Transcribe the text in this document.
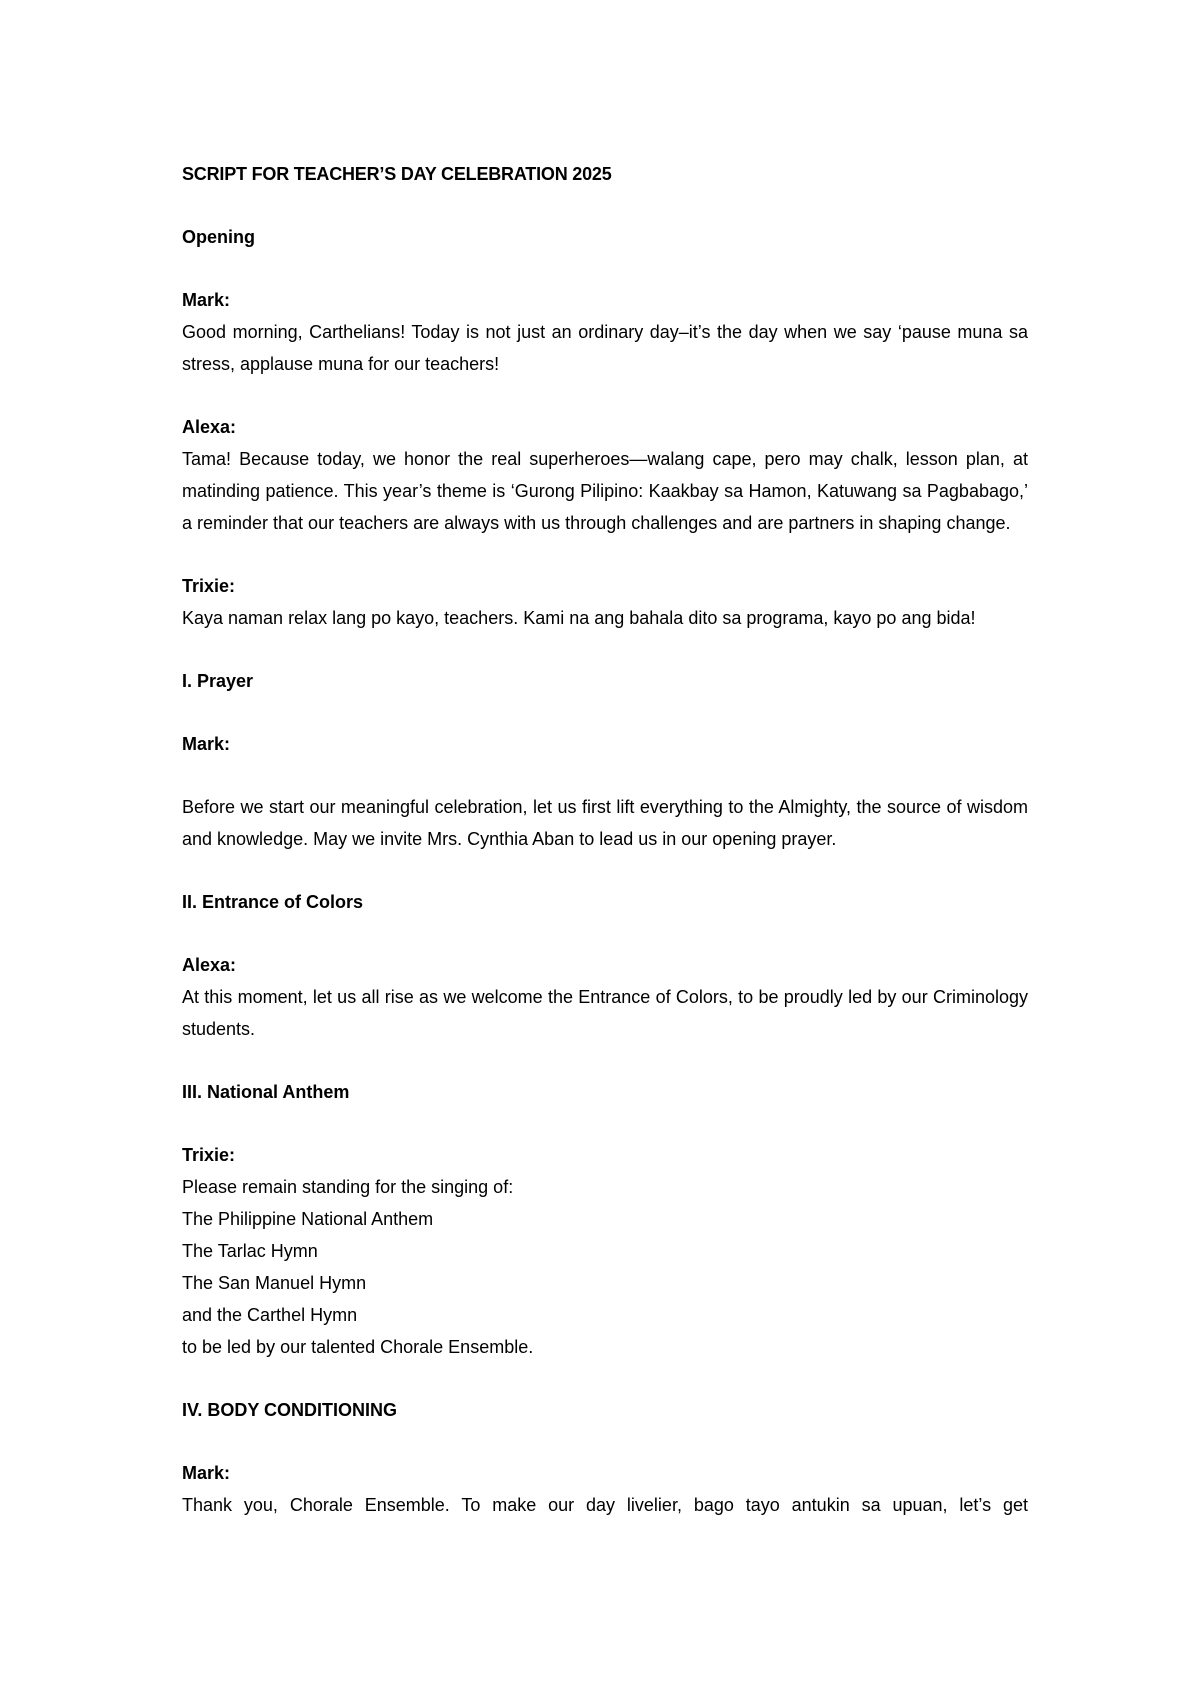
SCRIPT FOR TEACHER’S DAY CELEBRATION 2025

Opening

Mark:

Good morning, Carthelians! Today is not just an ordinary day–it’s the day when we say ‘pause muna sa stress, applause muna for our teachers!

Alexa:

Tama! Because today, we honor the real superheroes—walang cape, pero may chalk, lesson plan, at matinding patience. This year’s theme is ‘Gurong Pilipino: Kaakbay sa Hamon, Katuwang sa Pagbabago,’ a reminder that our teachers are always with us through challenges and are partners in shaping change.

Trixie:

Kaya naman relax lang po kayo, teachers. Kami na ang bahala dito sa programa, kayo po ang bida!

I. Prayer

Mark:

Before we start our meaningful celebration, let us first lift everything to the Almighty, the source of wisdom and knowledge. May we invite Mrs. Cynthia Aban to lead us in our opening prayer.

II. Entrance of Colors

Alexa:

At this moment, let us all rise as we welcome the Entrance of Colors, to be proudly led by our Criminology students.

III. National Anthem

Trixie:

Please remain standing for the singing of:

The Philippine National Anthem

The Tarlac Hymn

The San Manuel Hymn

and the Carthel Hymn

to be led by our talented Chorale Ensemble.

IV. BODY CONDITIONING

Mark:

Thank you, Chorale Ensemble. To make our day livelier, bago tayo antukin sa upuan, let’s get
